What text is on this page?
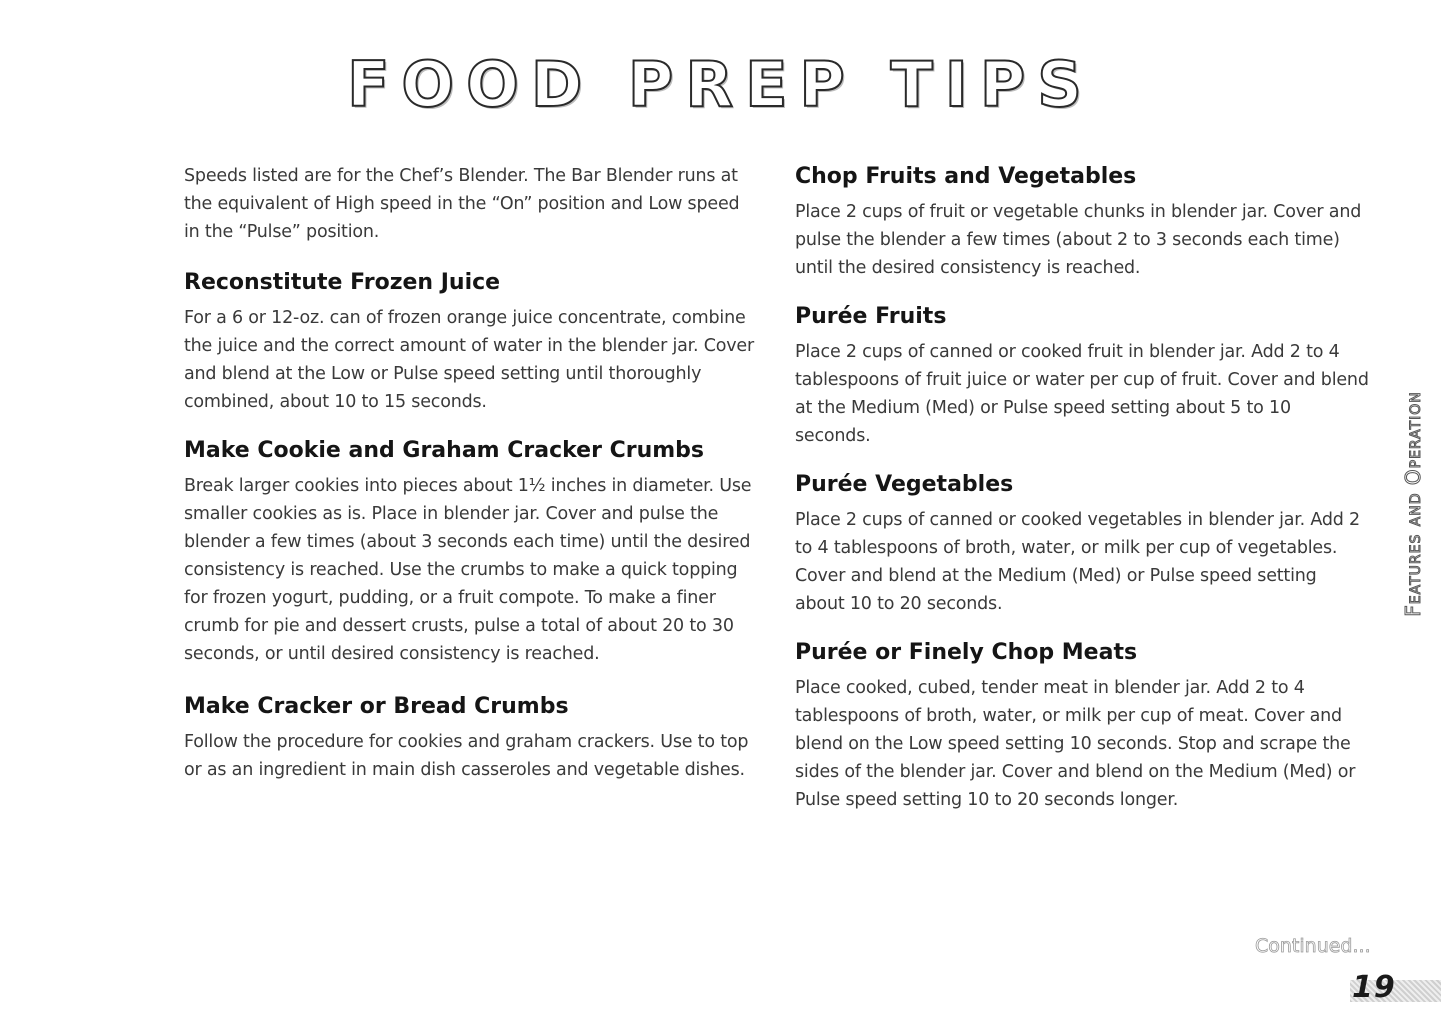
FOOD PREP TIPS

Speeds listed are for the Chef’s Blender. The Bar Blender runs at the equivalent of High speed in the “On” position and Low speed in the “Pulse” position.

Reconstitute Frozen Juice

For a 6 or 12-oz. can of frozen orange juice concentrate, combine the juice and the correct amount of water in the blender jar. Cover and blend at the Low or Pulse speed setting until thoroughly combined, about 10 to 15 seconds.

Make Cookie and Graham Cracker Crumbs

Break larger cookies into pieces about 1½ inches in diameter. Use smaller cookies as is. Place in blender jar. Cover and pulse the blender a few times (about 3 seconds each time) until the desired consistency is reached. Use the crumbs to make a quick topping for frozen yogurt, pudding, or a fruit compote. To make a finer crumb for pie and dessert crusts, pulse a total of about 20 to 30 seconds, or until desired consistency is reached.

Make Cracker or Bread Crumbs

Follow the procedure for cookies and graham crackers. Use to top or as an ingredient in main dish casseroles and vegetable dishes.

Chop Fruits and Vegetables

Place 2 cups of fruit or vegetable chunks in blender jar. Cover and pulse the blender a few times (about 2 to 3 seconds each time) until the desired consistency is reached.

Purée Fruits

Place 2 cups of canned or cooked fruit in blender jar. Add 2 to 4 tablespoons of fruit juice or water per cup of fruit. Cover and blend at the Medium (Med) or Pulse speed setting about 5 to 10 seconds.

Purée Vegetables

Place 2 cups of canned or cooked vegetables in blender jar. Add 2 to 4 tablespoons of broth, water, or milk per cup of vegetables. Cover and blend at the Medium (Med) or Pulse speed setting about 10 to 20 seconds.

Purée or Finely Chop Meats

Place cooked, cubed, tender meat in blender jar. Add 2 to 4 tablespoons of broth, water, or milk per cup of meat. Cover and blend on the Low speed setting 10 seconds. Stop and scrape the sides of the blender jar. Cover and blend on the Medium (Med) or Pulse speed setting 10 to 20 seconds longer.

Features and Operation
Continued...
19
